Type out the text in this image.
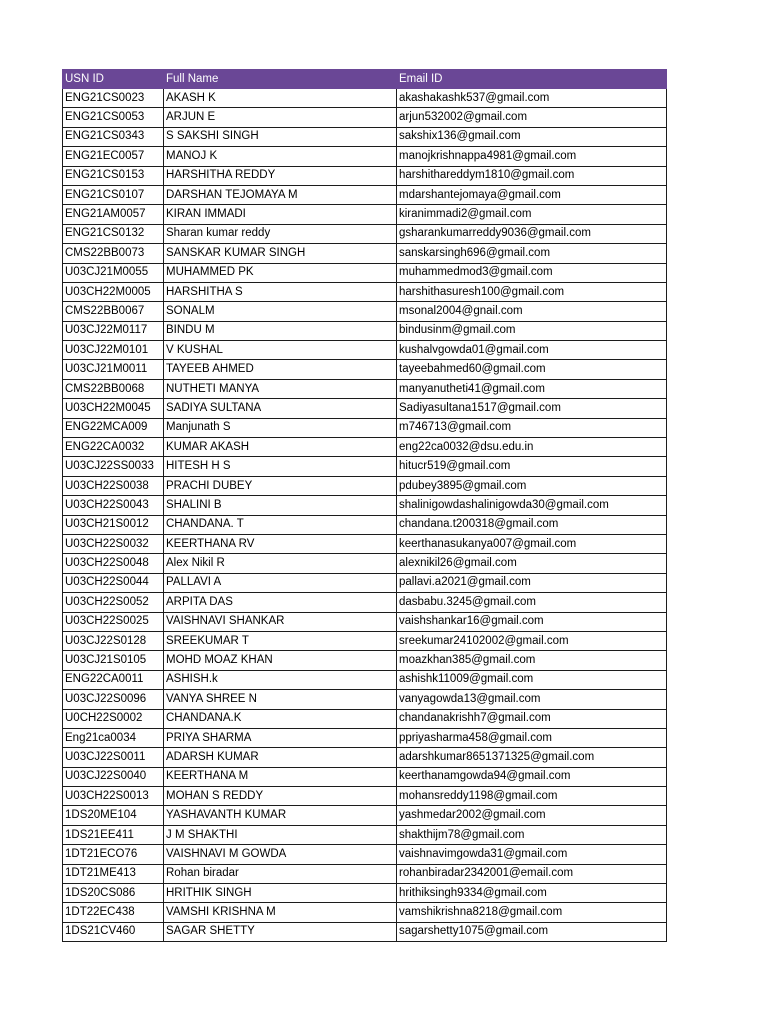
USN ID	Full Name	Email ID
ENG21CS0023	AKASH K	akashakashk537@gmail.com
ENG21CS0053	ARJUN E	arjun532002@gmail.com
ENG21CS0343	S SAKSHI SINGH	sakshix136@gmail.com
ENG21EC0057	MANOJ K	manojkrishnappa4981@gmail.com
ENG21CS0153	HARSHITHA REDDY	harshithareddym1810@gmail.com
ENG21CS0107	DARSHAN TEJOMAYA M	mdarshantejomaya@gmail.com
ENG21AM0057	KIRAN IMMADI	kiranimmadi2@gmail.com
ENG21CS0132	Sharan kumar reddy	gsharankumarreddy9036@gmail.com
CMS22BB0073	SANSKAR KUMAR SINGH	sanskarsingh696@gmail.com
U03CJ21M0055	MUHAMMED PK	muhammedmod3@gmail.com
U03CH22M0005	HARSHITHA S	harshithasuresh100@gmail.com
CMS22BB0067	SONALM	msonal2004@gnail.com
U03CJ22M0117	BINDU M	bindusinm@gmail.com
U03CJ22M0101	V KUSHAL	kushalvgowda01@gmail.com
U03CJ21M0011	TAYEEB AHMED	tayeebahmed60@gmail.com
CMS22BB0068	NUTHETI MANYA	manyanutheti41@gmail.com
U03CH22M0045	SADIYA SULTANA	Sadiyasultana1517@gmail.com
ENG22MCA009	Manjunath S	m746713@gmail.com
ENG22CA0032	KUMAR AKASH	eng22ca0032@dsu.edu.in
U03CJ22SS0033	HITESH H S	hitucr519@gmail.com
U03CH22S0038	PRACHI DUBEY	pdubey3895@gmail.com
U03CH22S0043	SHALINI B	shalinigowdashalinigowda30@gmail.com
U03CH21S0012	CHANDANA. T	chandana.t200318@gmail.com
U03CH22S0032	KEERTHANA RV	keerthanasukanya007@gmail.com
U03CH22S0048	Alex Nikil R	alexnikil26@gmail.com
U03CH22S0044	PALLAVI A	pallavi.a2021@gmail.com
U03CH22S0052	ARPITA DAS	dasbabu.3245@gmail.com
U03CH22S0025	VAISHNAVI SHANKAR	vaishshankar16@gmail.com
U03CJ22S0128	SREEKUMAR T	sreekumar24102002@gmail.com
U03CJ21S0105	MOHD MOAZ KHAN	moazkhan385@gmail.com
ENG22CA0011	ASHISH.k	ashishk11009@gmail.com
U03CJ22S0096	VANYA SHREE N	vanyagowda13@gmail.com
U0CH22S0002	CHANDANA.K	chandanakrishh7@gmail.com
Eng21ca0034	PRIYA SHARMA	ppriyasharma458@gmail.com
U03CJ22S0011	ADARSH KUMAR	adarshkumar8651371325@gmail.com
U03CJ22S0040	KEERTHANA M	keerthanamgowda94@gmail.com
U03CH22S0013	MOHAN S REDDY	mohansreddy1198@gmail.com
1DS20ME104	YASHAVANTH KUMAR	yashmedar2002@gmail.com
1DS21EE411	J M SHAKTHI	shakthijm78@gmail.com
1DT21ECO76	VAISHNAVI M GOWDA	vaishnavimgowda31@gmail.com
1DT21ME413	Rohan biradar	rohanbiradar2342001@email.com
1DS20CS086	HRITHIK SINGH	hrithiksingh9334@gmail.com
1DT22EC438	VAMSHI KRISHNA M	vamshikrishna8218@gmail.com
1DS21CV460	SAGAR SHETTY	sagarshetty1075@gmail.com
